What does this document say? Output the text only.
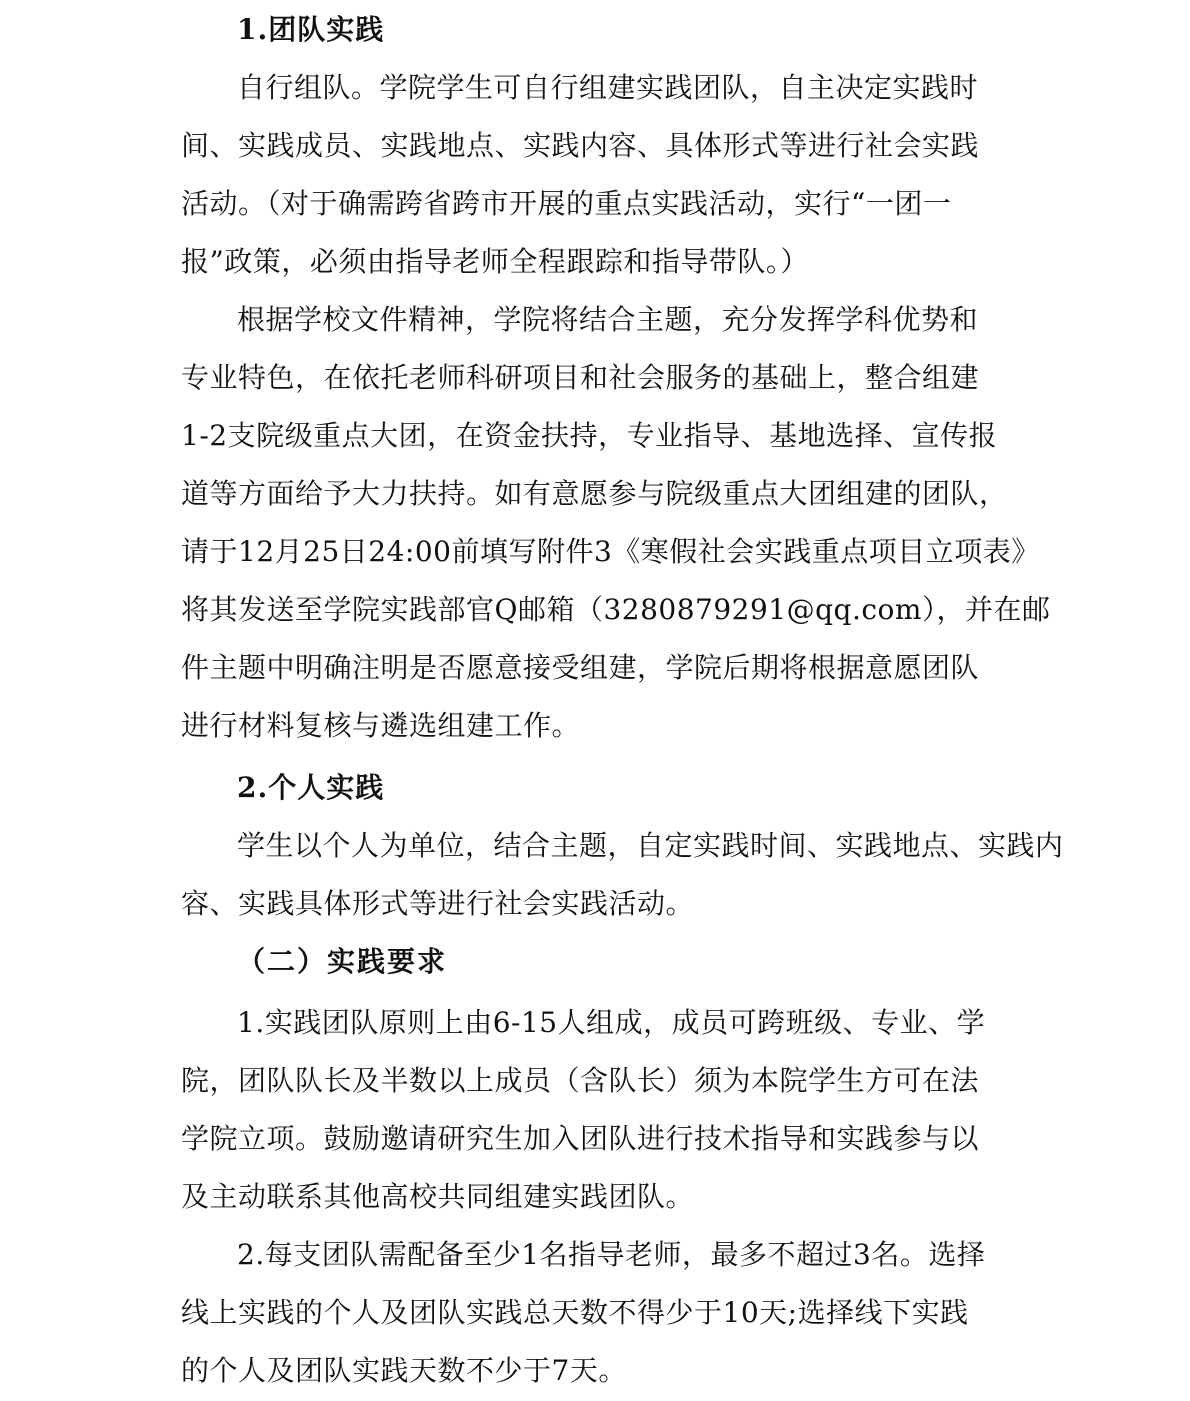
1.团队实践
自行组队。学院学生可自行组建实践团队，自主决定实践时
间、实践成员、实践地点、实践内容、具体形式等进行社会实践
活动。（对于确需跨省跨市开展的重点实践活动，实行“一团一
报”政策，必须由指导老师全程跟踪和指导带队。）
根据学校文件精神，学院将结合主题，充分发挥学科优势和
专业特色，在依托老师科研项目和社会服务的基础上，整合组建
1-2支院级重点大团，在资金扶持，专业指导、基地选择、宣传报
道等方面给予大力扶持。如有意愿参与院级重点大团组建的团队，
请于12月25日24:00前填写附件3《寒假社会实践重点项目立项表》
将其发送至学院实践部官Q邮箱（3280879291@qq.com），并在邮
件主题中明确注明是否愿意接受组建，学院后期将根据意愿团队
进行材料复核与遴选组建工作。
2.个人实践
学生以个人为单位，结合主题，自定实践时间、实践地点、实践内
容、实践具体形式等进行社会实践活动。
（二）实践要求
1.实践团队原则上由6-15人组成，成员可跨班级、专业、学
院，团队队长及半数以上成员（含队长）须为本院学生方可在法
学院立项。鼓励邀请研究生加入团队进行技术指导和实践参与以
及主动联系其他高校共同组建实践团队。
2.每支团队需配备至少1名指导老师，最多不超过3名。选择
线上实践的个人及团队实践总天数不得少于10天;选择线下实践
的个人及团队实践天数不少于7天。
